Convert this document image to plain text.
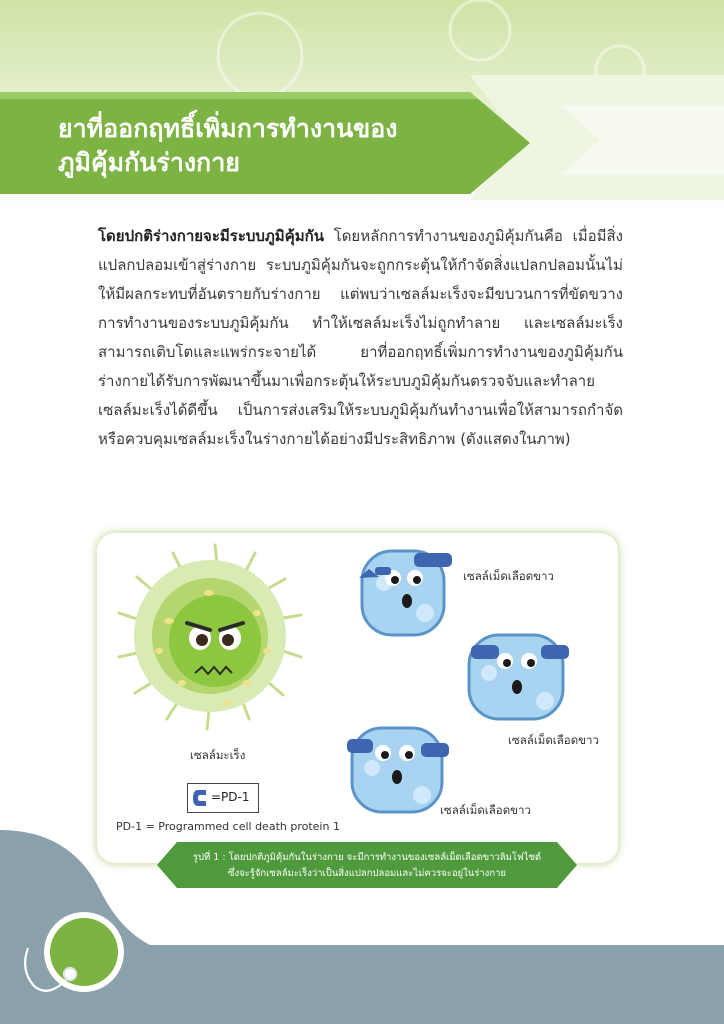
ยาที่ออกฤทธิ์เพิ่มการทำงานของ
ภูมิคุ้มกันร่างกาย

โดยปกติร่างกายจะมีระบบภูมิคุ้มกัน โดยหลักการทำงานของภูมิคุ้มกันคือ เมื่อมีสิ่งแปลกปลอมเข้าสู่ร่างกาย ระบบภูมิคุ้มกันจะถูกกระตุ้นให้กำจัดสิ่งแปลกปลอมนั้นไม่ให้มีผลกระทบที่อันตรายกับร่างกาย แต่พบว่าเซลล์มะเร็งจะมีขบวนการที่ขัดขวางการทำงานของระบบภูมิคุ้มกัน ทำให้เซลล์มะเร็งไม่ถูกทำลาย และเซลล์มะเร็งสามารถเติบโตและแพร่กระจายได้ ยาที่ออกฤทธิ์เพิ่มการทำงานของภูมิคุ้มกันร่างกายได้รับการพัฒนาขึ้นมาเพื่อกระตุ้นให้ระบบภูมิคุ้มกันตรวจจับและทำลายเซลล์มะเร็งได้ดีขึ้น เป็นการส่งเสริมให้ระบบภูมิคุ้มกันทำงานเพื่อให้สามารถกำจัด หรือควบคุมเซลล์มะเร็งในร่างกายได้อย่างมีประสิทธิภาพ (ดังแสดงในภาพ)

เซลล์เม็ดเลือดขาว
เซลล์เม็ดเลือดขาว
เซลล์เม็ดเลือดขาว
เซลล์มะเร็ง
=PD-1
PD-1 = Programmed cell death protein 1
รูปที่ 1 : โดยปกติภูมิคุ้มกันในร่างกาย จะมีการทำงานของเซลล์เม็ดเลือดขาวลิมโฟไซต์
ซึ่งจะรู้จักเซลล์มะเร็งว่าเป็นสิ่งแปลกปลอมและไม่ควรจะอยู่ในร่างกาย
